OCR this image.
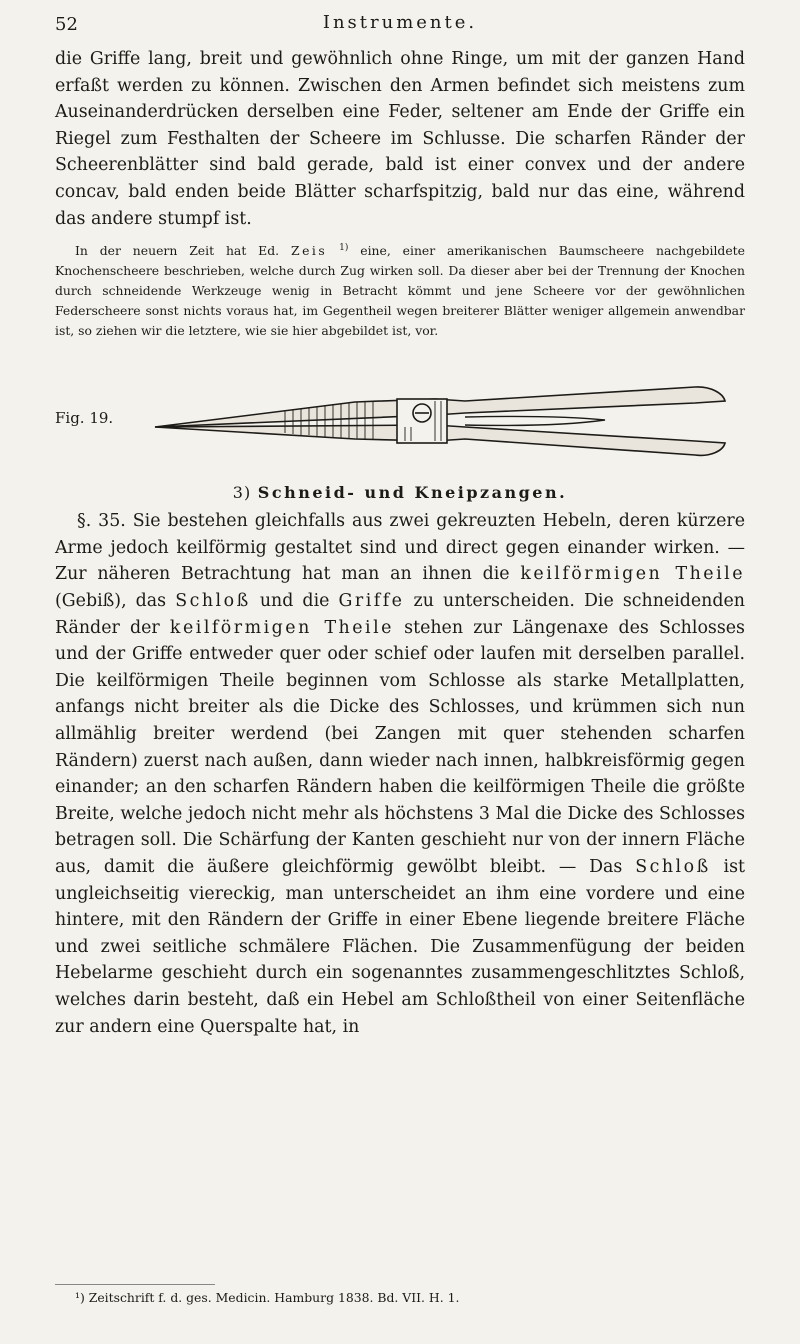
52	Instrumente.

die Griffe lang, breit und gewöhnlich ohne Ringe, um mit der ganzen Hand erfaßt werden zu können. Zwischen den Armen befindet sich meistens zum Auseinanderdrücken derselben eine Feder, seltener am Ende der Griffe ein Riegel zum Festhalten der Scheere im Schlusse. Die scharfen Ränder der Scheerenblätter sind bald gerade, bald ist einer convex und der andere concav, bald enden beide Blätter scharfspitzig, bald nur das eine, während das andere stumpf ist.

In der neuern Zeit hat Ed. Zeis $^{1)}$ eine, einer amerikanischen Baumscheere nachgebildete Knochenscheere beschrieben, welche durch Zug wirken soll. Da dieser aber bei der Trennung der Knochen durch schneidende Werkzeuge wenig in Betracht kömmt und jene Scheere vor der gewöhnlichen Federscheere sonst nichts voraus hat, im Gegentheil wegen breiterer Blätter weniger allgemein anwendbar ist, so ziehen wir die letztere, wie sie hier abgebildet ist, vor.

Fig. 19.

3) Schneid- und Kneipzangen.

§. 35. Sie bestehen gleichfalls aus zwei gekreuzten Hebeln, deren kürzere Arme jedoch keilförmig gestaltet sind und direct gegen einander wirken. — Zur näheren Betrachtung hat man an ihnen die keilförmigen Theile (Gebiß), das Schloß und die Griffe zu unterscheiden. Die schneidenden Ränder der keilförmigen Theile stehen zur Längenaxe des Schlosses und der Griffe entweder quer oder schief oder laufen mit derselben parallel. Die keilförmigen Theile beginnen vom Schlosse als starke Metallplatten, anfangs nicht breiter als die Dicke des Schlosses, und krümmen sich nun allmählig breiter werdend (bei Zangen mit quer stehenden scharfen Rändern) zuerst nach außen, dann wieder nach innen, halbkreisförmig gegen einander; an den scharfen Rändern haben die keilförmigen Theile die größte Breite, welche jedoch nicht mehr als höchstens 3 Mal die Dicke des Schlosses betragen soll. Die Schärfung der Kanten geschieht nur von der innern Fläche aus, damit die äußere gleichförmig gewölbt bleibt. — Das Schloß ist ungleichseitig viereckig, man unterscheidet an ihm eine vordere und eine hintere, mit den Rändern der Griffe in einer Ebene liegende breitere Fläche und zwei seitliche schmälere Flächen. Die Zusammenfügung der beiden Hebelarme geschieht durch ein sogenanntes zusammengeschlitztes Schloß, welches darin besteht, daß ein Hebel am Schloßtheil von einer Seitenfläche zur andern eine Querspalte hat, in

¹) Zeitschrift f. d. ges. Medicin. Hamburg 1838. Bd. VII. H. 1.
